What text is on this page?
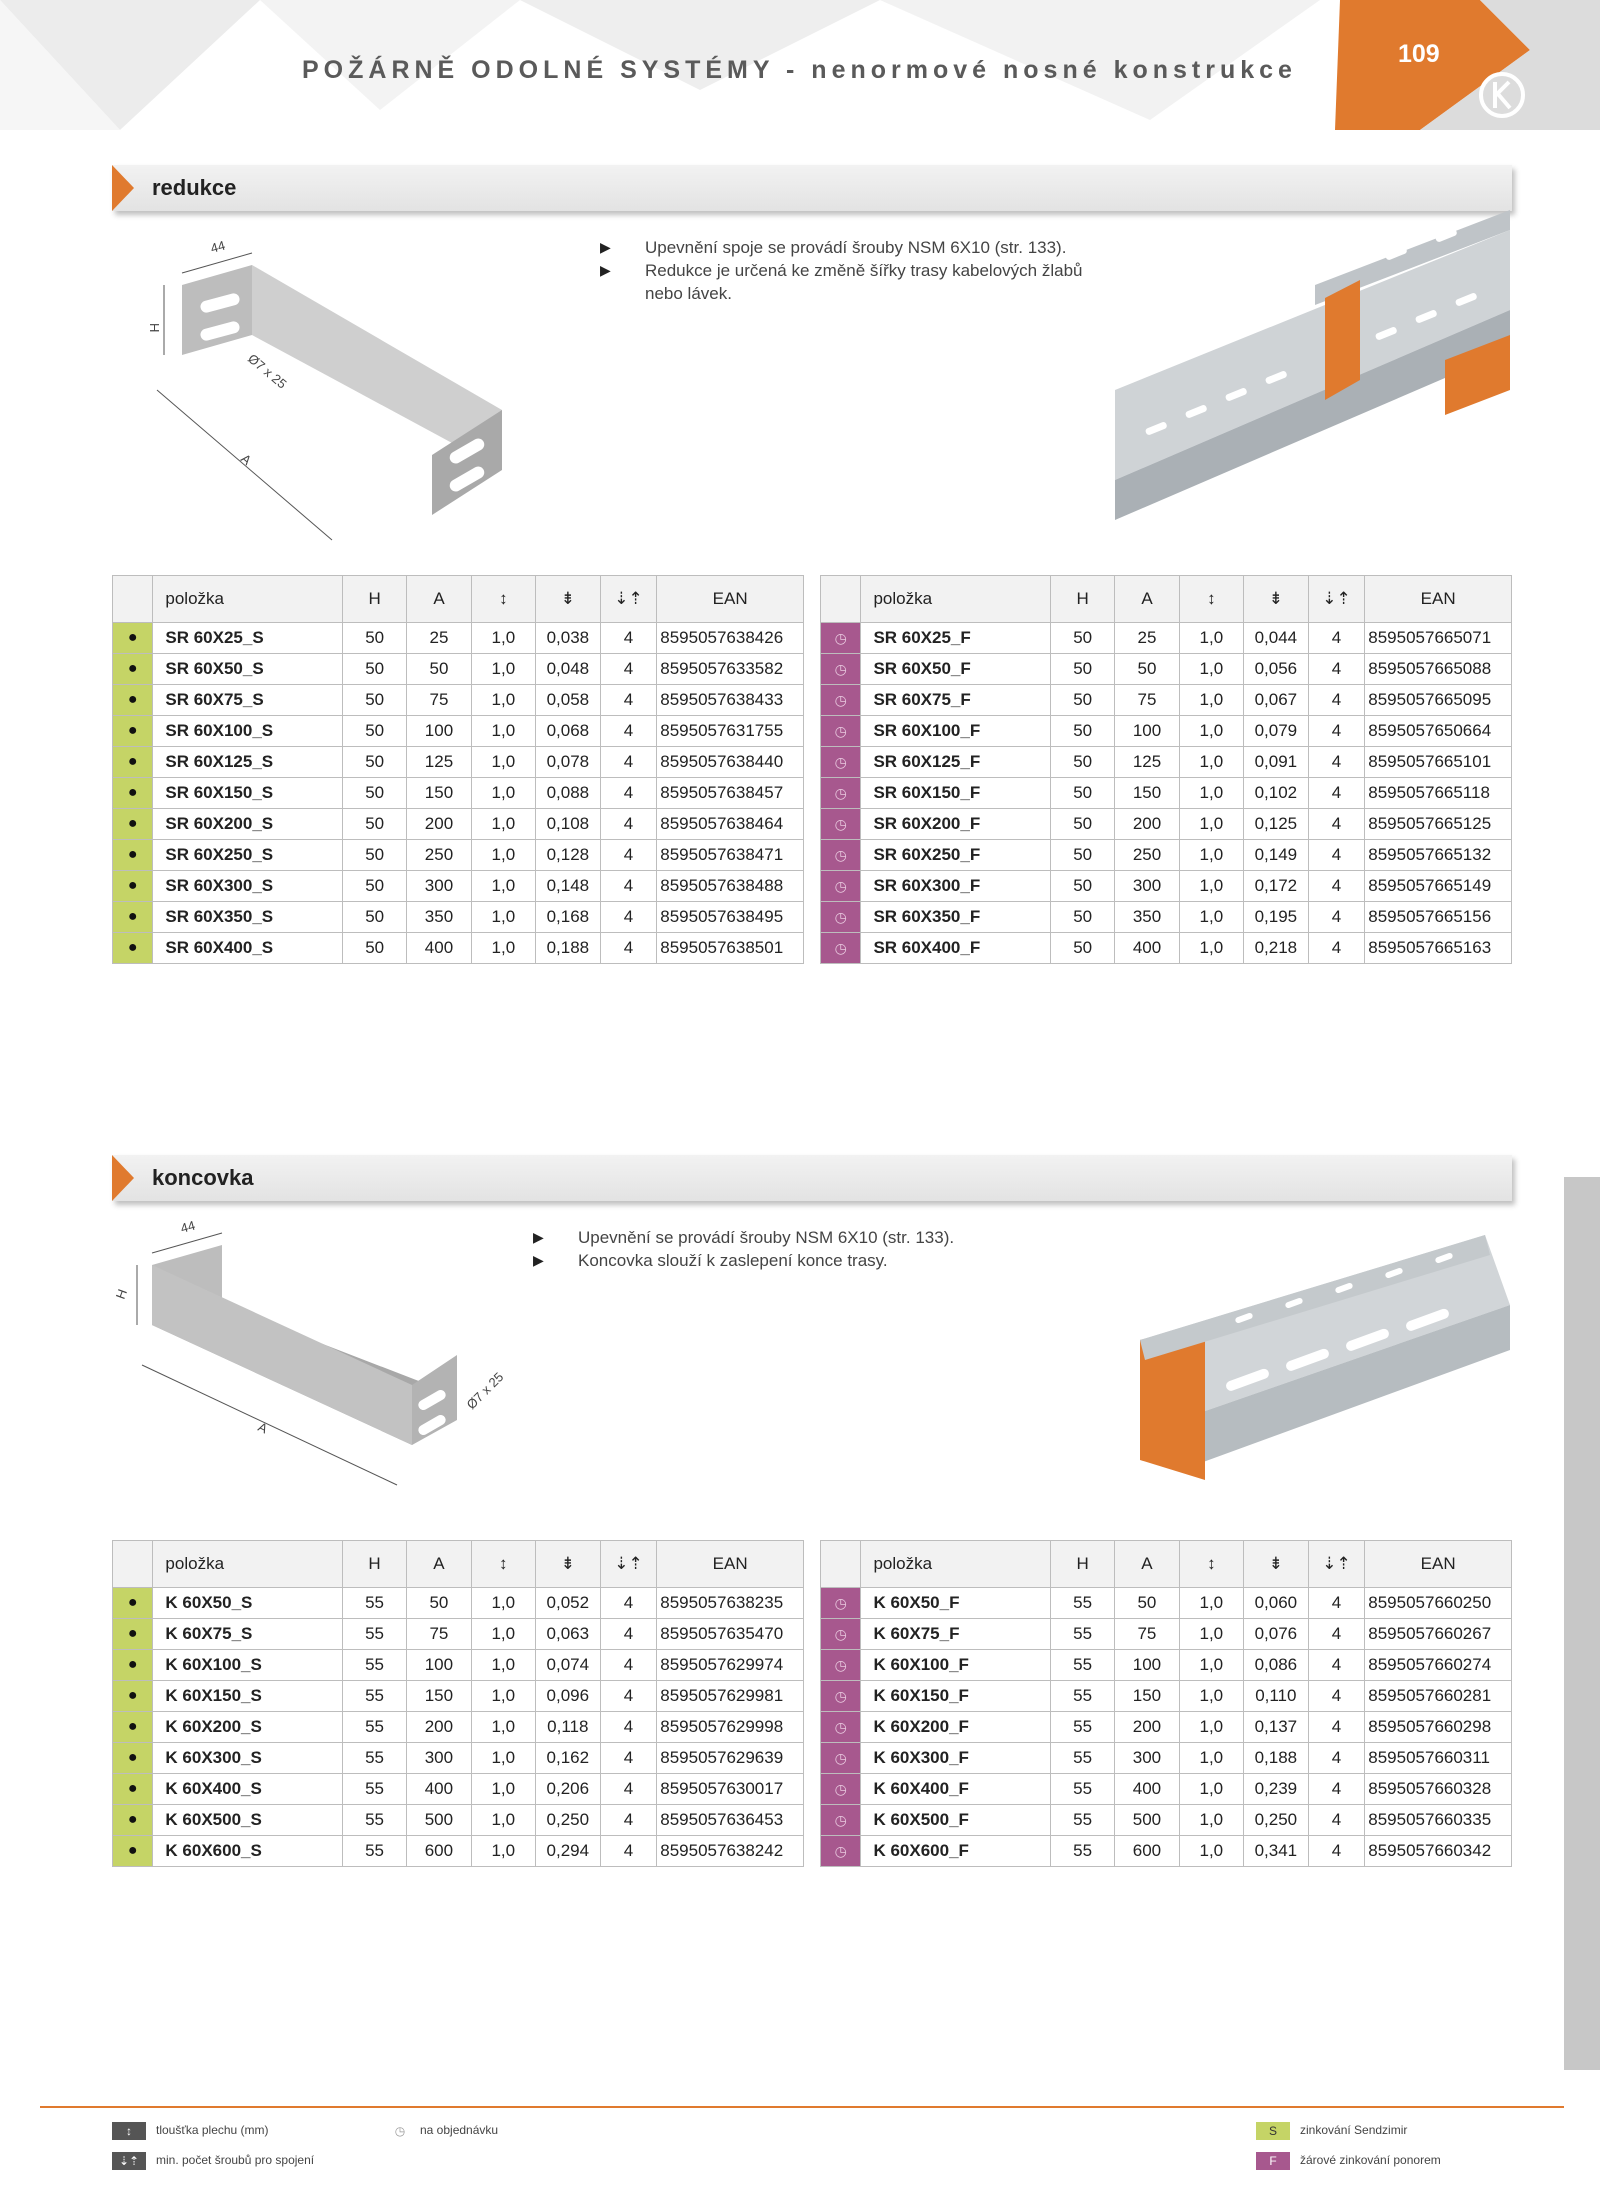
POŽÁRNĚ ODOLNÉ SYSTÉMY - nenormové nosné konstrukce
109
redukce
44
H
Ø7 x 25
A
▶ Upevnění spoje se provádí šrouby NSM 6X10 (str. 133).
▶ Redukce je určená ke změně šířky trasy kabelových žlabů nebo lávek.
	položka	H	A	↕	⇟	⇣⇡	EAN
●	SR 60X25_S	50	25	1,0	0,038	4	8595057638426
●	SR 60X50_S	50	50	1,0	0,048	4	8595057633582
●	SR 60X75_S	50	75	1,0	0,058	4	8595057638433
●	SR 60X100_S	50	100	1,0	0,068	4	8595057631755
●	SR 60X125_S	50	125	1,0	0,078	4	8595057638440
●	SR 60X150_S	50	150	1,0	0,088	4	8595057638457
●	SR 60X200_S	50	200	1,0	0,108	4	8595057638464
●	SR 60X250_S	50	250	1,0	0,128	4	8595057638471
●	SR 60X300_S	50	300	1,0	0,148	4	8595057638488
●	SR 60X350_S	50	350	1,0	0,168	4	8595057638495
●	SR 60X400_S	50	400	1,0	0,188	4	8595057638501
	položka	H	A	↕	⇟	⇣⇡	EAN
◷	SR 60X25_F	50	25	1,0	0,044	4	8595057665071
◷	SR 60X50_F	50	50	1,0	0,056	4	8595057665088
◷	SR 60X75_F	50	75	1,0	0,067	4	8595057665095
◷	SR 60X100_F	50	100	1,0	0,079	4	8595057650664
◷	SR 60X125_F	50	125	1,0	0,091	4	8595057665101
◷	SR 60X150_F	50	150	1,0	0,102	4	8595057665118
◷	SR 60X200_F	50	200	1,0	0,125	4	8595057665125
◷	SR 60X250_F	50	250	1,0	0,149	4	8595057665132
◷	SR 60X300_F	50	300	1,0	0,172	4	8595057665149
◷	SR 60X350_F	50	350	1,0	0,195	4	8595057665156
◷	SR 60X400_F	50	400	1,0	0,218	4	8595057665163
koncovka
44
H
Ø7 x 25
A
▶ Upevnění se provádí šrouby NSM 6X10 (str. 133).
▶ Koncovka slouží k zaslepení konce trasy.
	položka	H	A	↕	⇟	⇣⇡	EAN
●	K 60X50_S	55	50	1,0	0,052	4	8595057638235
●	K 60X75_S	55	75	1,0	0,063	4	8595057635470
●	K 60X100_S	55	100	1,0	0,074	4	8595057629974
●	K 60X150_S	55	150	1,0	0,096	4	8595057629981
●	K 60X200_S	55	200	1,0	0,118	4	8595057629998
●	K 60X300_S	55	300	1,0	0,162	4	8595057629639
●	K 60X400_S	55	400	1,0	0,206	4	8595057630017
●	K 60X500_S	55	500	1,0	0,250	4	8595057636453
●	K 60X600_S	55	600	1,0	0,294	4	8595057638242
	položka	H	A	↕	⇟	⇣⇡	EAN
◷	K 60X50_F	55	50	1,0	0,060	4	8595057660250
◷	K 60X75_F	55	75	1,0	0,076	4	8595057660267
◷	K 60X100_F	55	100	1,0	0,086	4	8595057660274
◷	K 60X150_F	55	150	1,0	0,110	4	8595057660281
◷	K 60X200_F	55	200	1,0	0,137	4	8595057660298
◷	K 60X300_F	55	300	1,0	0,188	4	8595057660311
◷	K 60X400_F	55	400	1,0	0,239	4	8595057660328
◷	K 60X500_F	55	500	1,0	0,250	4	8595057660335
◷	K 60X600_F	55	600	1,0	0,341	4	8595057660342
↕ tloušťka plechu (mm)
⇣⇡ min. počet šroubů pro spojení
◷ na objednávku	S zinkování Sendzimir
F žárové zinkování ponorem
